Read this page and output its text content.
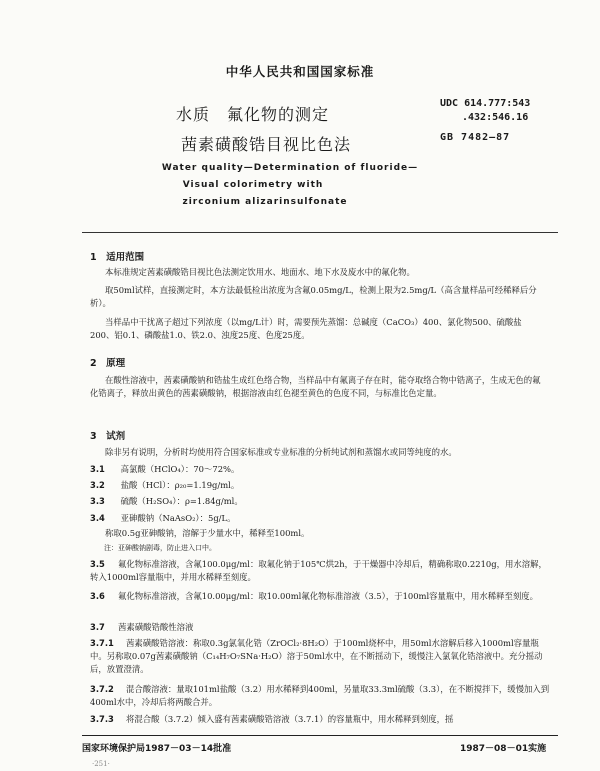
中华人民共和国国家标准
水质　氟化物的测定
茜素磺酸锆目视比色法
UDC 614.777:543
.432:546.16
GB 7482—87
Water quality—Determination of fluoride—
Visual colorimetry with
zirconium alizarinsulfonate
1　适用范围
本标准规定茜素磺酸锆目视比色法测定饮用水、地面水、地下水及废水中的氟化物。
取50ml试样，直接测定时，本方法最低检出浓度为含氟0.05mg/L，检测上限为2.5mg/L（高含量样品可经稀释后分析）。
当样品中干扰离子超过下列浓度（以mg/L计）时，需要预先蒸馏：总碱度（CaCO₃）400、氯化物500、硫酸盐200、铝0.1、磷酸盐1.0、铁2.0、浊度25度、色度25度。
2　原理
在酸性溶液中，茜素磺酸钠和锆盐生成红色络合物，当样品中有氟离子存在时，能夺取络合物中锆离子，生成无色的氟化锆离子，释放出黄色的茜素磺酸钠，根据溶液由红色褪至黄色的色度不同，与标准比色定量。
3　试剂
除非另有说明，分析时均使用符合国家标准或专业标准的分析纯试剂和蒸馏水或同等纯度的水。
3.1 高氯酸（HClO₄）：70～72%。
3.2 盐酸（HCl）：ρ₂₀=1.19g/ml。
3.3 硫酸（H₂SO₄）：ρ=1.84g/ml。
3.4 亚砷酸钠（NaAsO₂）：5g/L。
称取0.5g亚砷酸钠，溶解于少量水中，稀释至100ml。
注：亚砷酸钠剧毒，防止进入口中。
3.5 氟化物标准溶液，含氟100.0μg/ml：取氟化钠于105℃烘2h，于干燥器中冷却后，精确称取0.2210g，用水溶解，转入1000ml容量瓶中，并用水稀释至刻度。
3.6 氟化物标准溶液，含氟10.00μg/ml：取10.00ml氟化物标准溶液（3.5），于100ml容量瓶中，用水稀释至刻度。
3.7 茜素磺酸锆酸性溶液
3.7.1 茜素磺酸锆溶液：称取0.3g氯氧化锆（ZrOCl₂·8H₂O）于100ml烧杯中，用50ml水溶解后移入1000ml容量瓶中。另称取0.07g茜素磺酸钠（C₁₄H₇O₇SNa·H₂O）溶于50ml水中，在不断摇动下，缓慢注入氯氧化锆溶液中。充分摇动后，放置澄清。
3.7.2 混合酸溶液：量取101ml盐酸（3.2）用水稀释到400ml，另量取33.3ml硫酸（3.3），在不断搅拌下，缓慢加入到400ml水中，冷却后将两酸合并。
3.7.3 将混合酸（3.7.2）倾入盛有茜素磺酸锆溶液（3.7.1）的容量瓶中，用水稀释到刻度，摇
国家环境保护局1987－03－14批准	1987－08－01实施
·251·
